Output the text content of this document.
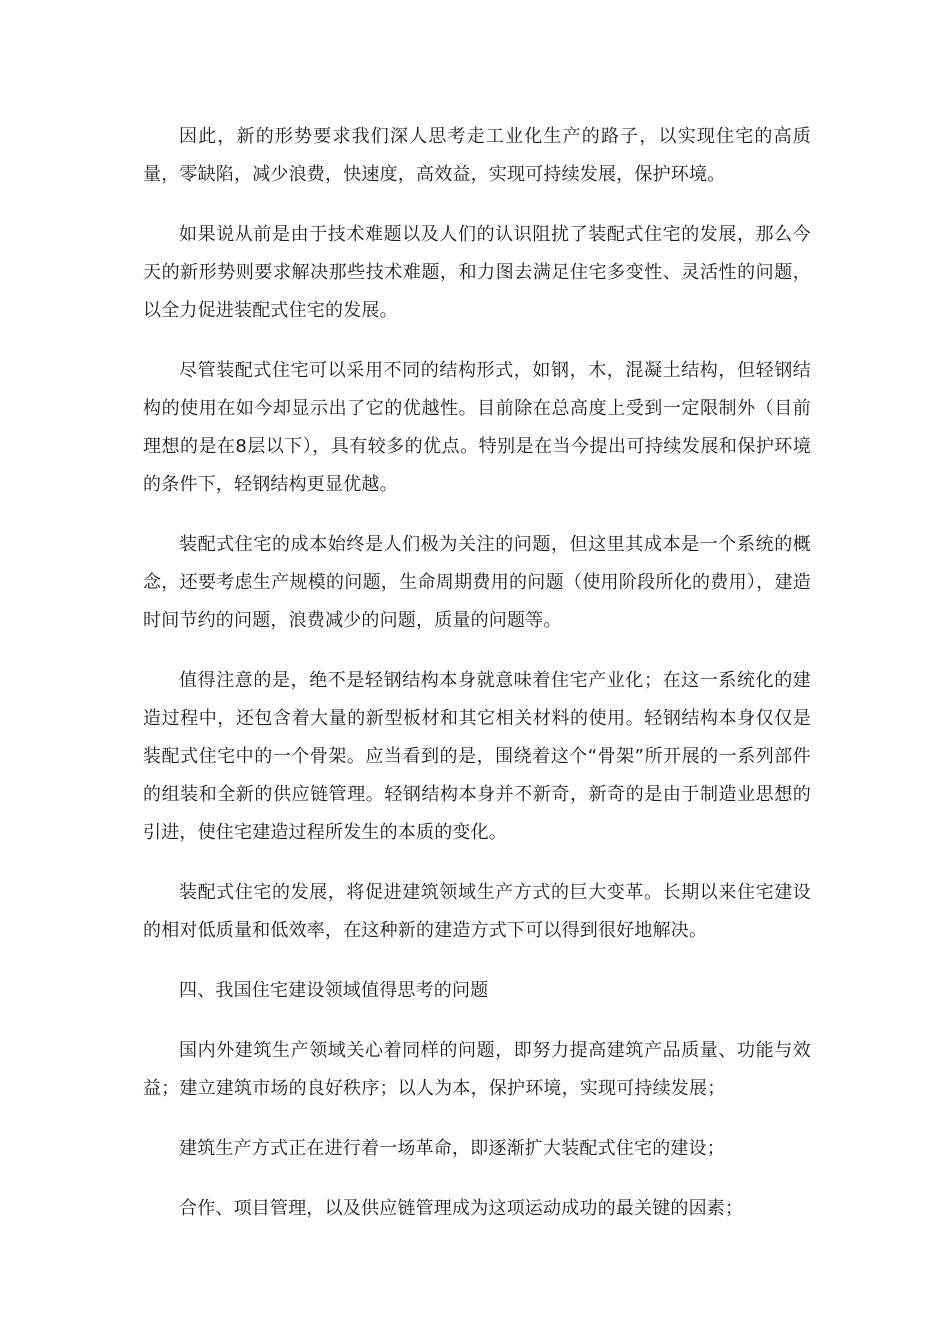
因此，新的形势要求我们深人思考走工业化生产的路子，以实现住宅的高质量，零缺陷，减少浪费，快速度，高效益，实现可持续发展，保护环境。

如果说从前是由于技术难题以及人们的认识阻扰了装配式住宅的发展，那么今天的新形势则要求解决那些技术难题，和力图去满足住宅多变性、灵活性的问题，以全力促进装配式住宅的发展。

尽管装配式住宅可以采用不同的结构形式，如钢，木，混凝土结构，但轻钢结构的使用在如今却显示出了它的优越性。目前除在总高度上受到一定限制外（目前理想的是在8层以下），具有较多的优点。特别是在当今提出可持续发展和保护环境的条件下，轻钢结构更显优越。

装配式住宅的成本始终是人们极为关注的问题，但这里其成本是一个系统的概念，还要考虑生产规模的问题，生命周期费用的问题（使用阶段所化的费用），建造时间节约的问题，浪费减少的问题，质量的问题等。

值得注意的是，绝不是轻钢结构本身就意味着住宅产业化；在这一系统化的建造过程中，还包含着大量的新型板材和其它相关材料的使用。轻钢结构本身仅仅是装配式住宅中的一个骨架。应当看到的是，围绕着这个“骨架”所开展的一系列部件的组装和全新的供应链管理。轻钢结构本身并不新奇，新奇的是由于制造业思想的引进，使住宅建造过程所发生的本质的变化。

装配式住宅的发展，将促进建筑领域生产方式的巨大变革。长期以来住宅建设的相对低质量和低效率，在这种新的建造方式下可以得到很好地解决。

四、我国住宅建设领域值得思考的问题

国内外建筑生产领域关心着同样的问题，即努力提高建筑产品质量、功能与效益；建立建筑市场的良好秩序；以人为本，保护环境，实现可持续发展；

建筑生产方式正在进行着一场革命，即逐渐扩大装配式住宅的建设；

合作、项目管理，以及供应链管理成为这项运动成功的最关键的因素；
